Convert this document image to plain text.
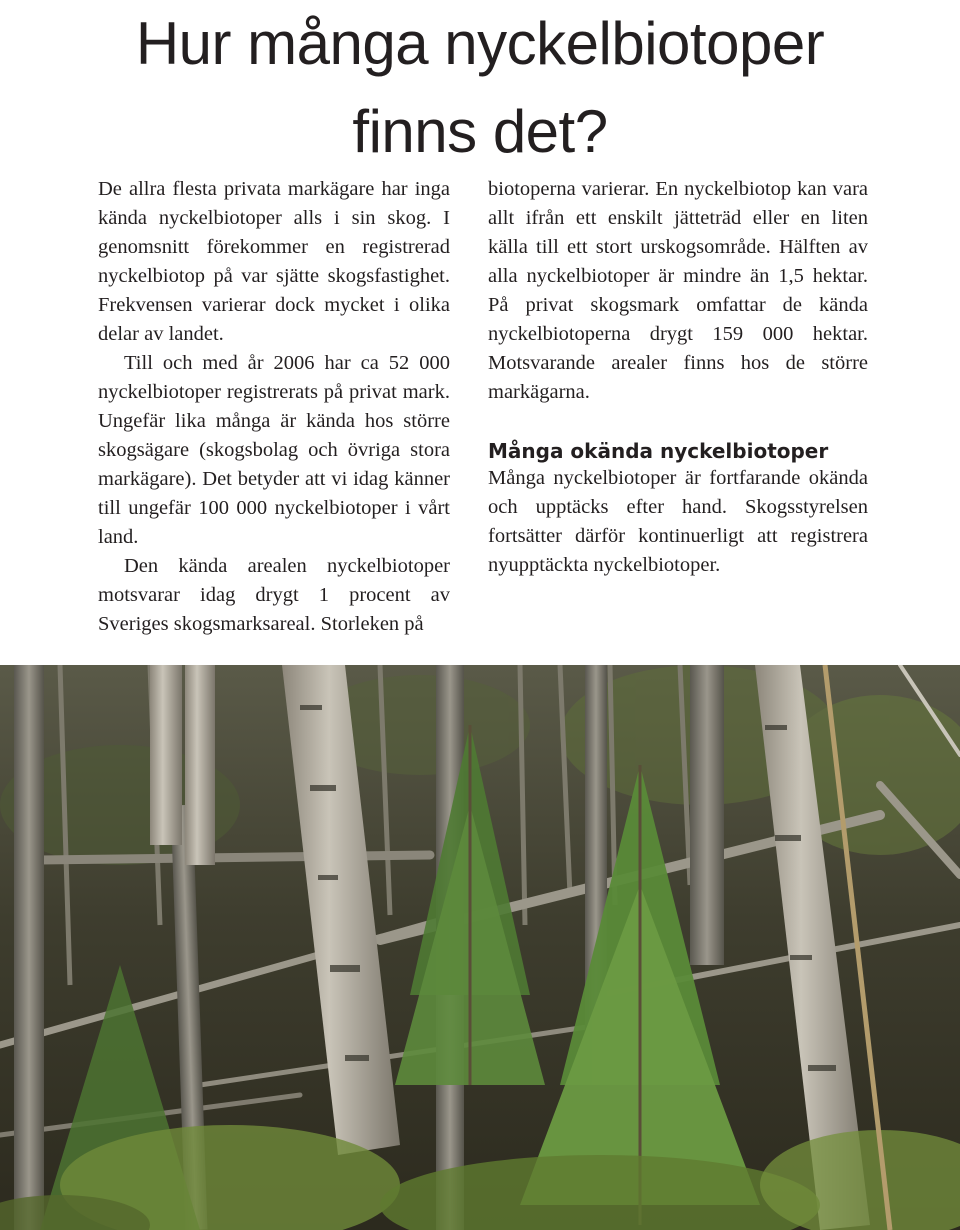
Hur många nyckelbiotoper
finns det?

De allra flesta privata markägare har inga kända nyckelbiotoper alls i sin skog. I genomsnitt förekommer en registrerad nyckelbiotop på var sjätte skogsfastighet. Frekvensen varierar dock mycket i olika delar av landet.

Till och med år 2006 har ca 52 000 nyckelbiotoper registrerats på privat mark. Ungefär lika många är kända hos större skogsägare (skogsbolag och övriga stora markägare). Det betyder att vi idag känner till ungefär 100 000 nyckelbiotoper i vårt land.

Den kända arealen nyckelbiotoper motsvarar idag drygt 1 procent av Sveriges skogsmarksareal. Storleken på

biotoperna varierar. En nyckelbiotop kan vara allt ifrån ett enskilt jätteträd eller en liten källa till ett stort urskogsområde. Hälften av alla nyckelbiotoper är mindre än 1,5 hektar. På privat skogsmark omfattar de kända nyckelbiotoperna drygt 159 000 hektar. Motsvarande arealer finns hos de större markägarna.

Många okända nyckelbiotoper

Många nyckelbiotoper är fortfarande okända och upptäcks efter hand. Skogsstyrelsen fortsätter därför kontinuerligt att registrera nyupptäckta nyckelbiotoper.
